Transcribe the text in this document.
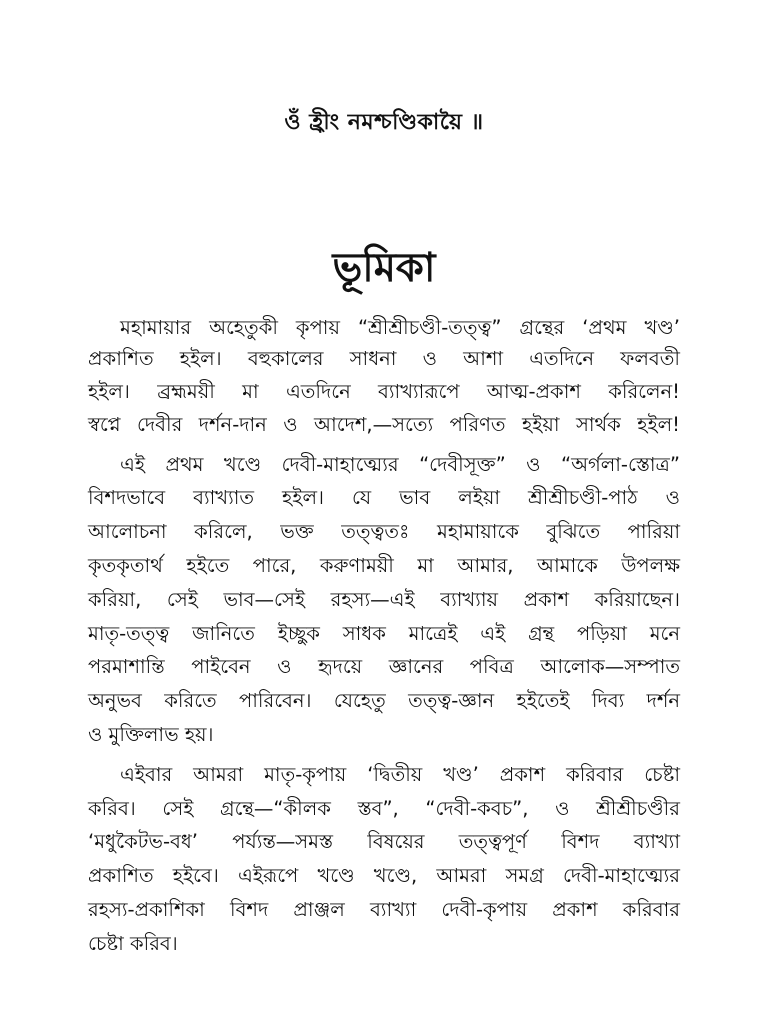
ওঁ হ্রীং নমশ্চণ্ডিকায়ৈ ॥
ভূমিকা
মহামায়ার অহেতুকী কৃপায় “শ্রীশ্রীচণ্ডী-তত্ত্ব” গ্রন্থের ‘প্রথম খণ্ড’
প্রকাশিত হইল। বহুকালের সাধনা ও আশা এতদিনে ফলবতী
হইল। ব্রহ্মময়ী মা এতদিনে ব্যাখ্যারূপে আত্ম-প্রকাশ করিলেন!
স্বপ্নে দেবীর দর্শন-দান ও আদেশ,—সত্যে পরিণত হইয়া সার্থক হইল!
এই প্রথম খণ্ডে দেবী-মাহাত্ম্যের “দেবীসূক্ত” ও “অর্গলা-স্তোত্র”
বিশদভাবে ব্যাখ্যাত হইল। যে ভাব লইয়া শ্রীশ্রীচণ্ডী-পাঠ ও
আলোচনা করিলে, ভক্ত তত্ত্বতঃ মহামায়াকে বুঝিতে পারিয়া
কৃতকৃতার্থ হইতে পারে, করুণাময়ী মা আমার, আমাকে উপলক্ষ
করিয়া, সেই ভাব—সেই রহস্য—এই ব্যাখ্যায় প্রকাশ করিয়াছেন।
মাতৃ-তত্ত্ব জানিতে ইচ্ছুক সাধক মাত্রেই এই গ্রন্থ পড়িয়া মনে
পরমাশান্তি পাইবেন ও হৃদয়ে জ্ঞানের পবিত্র আলোক—সম্পাত
অনুভব করিতে পারিবেন। যেহেতু তত্ত্ব-জ্ঞান হইতেই দিব্য দর্শন
ও মুক্তিলাভ হয়।
এইবার আমরা মাতৃ-কৃপায় ‘দ্বিতীয় খণ্ড’ প্রকাশ করিবার চেষ্টা
করিব। সেই গ্রন্থে—“কীলক স্তব”, “দেবী-কবচ”, ও শ্রীশ্রীচণ্ডীর
‘মধুকৈটভ-বধ’ পর্য্যন্ত—সমস্ত বিষয়ের তত্ত্বপূর্ণ বিশদ ব্যাখ্যা
প্রকাশিত হইবে। এইরূপে খণ্ডে খণ্ডে, আমরা সমগ্র দেবী-মাহাত্ম্যের
রহস্য-প্রকাশিকা বিশদ প্রাঞ্জল ব্যাখ্যা দেবী-কৃপায় প্রকাশ করিবার
চেষ্টা করিব।
